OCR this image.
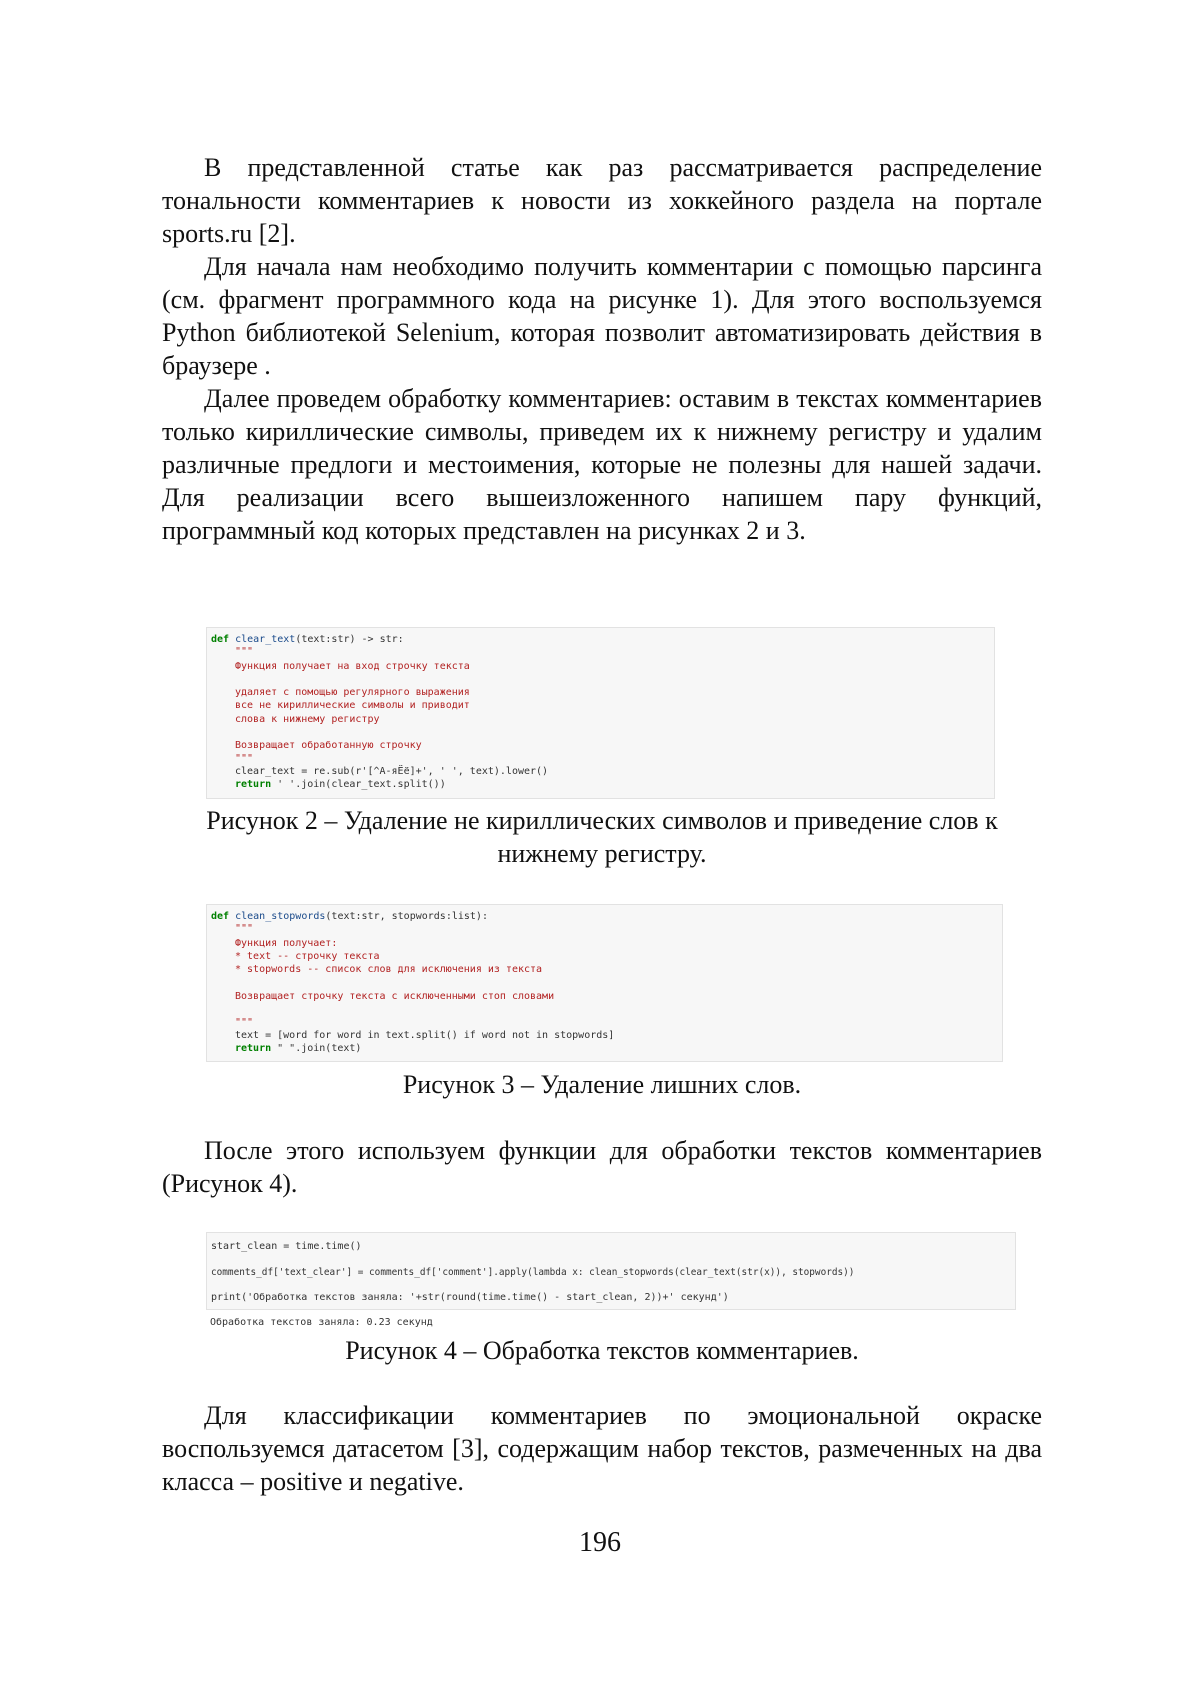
В представленной статье как раз рассматривается распределение тональности комментариев к новости из хоккейного раздела на портале sports.ru [2].

Для начала нам необходимо получить комментарии с помощью парсинга (см. фрагмент программного кода на рисунке 1). Для этого воспользуемся Python библиотекой Selenium, которая позволит автоматизировать действия в браузере .

Далее проведем обработку комментариев: оставим в текстах комментариев только кириллические символы, приведем их к нижнему регистру и удалим различные предлоги и местоимения, которые не полезны для нашей задачи. Для реализации всего вышеизложенного напишем пару функций, программный код которых представлен на рисунках 2 и 3.

def clear_text(text:str) -> str:
"""
Функция получает на вход строчку текста
удаляет с помощью регулярного выражения
все не кириллические символы и приводит
слова к нижнему регистру
Возвращает обработанную строчку
"""
clear_text = re.sub(r'[^А-яЁё]+', ' ', text).lower()
return ' '.join(clear_text.split())

Рисунок 2 – Удаление не кириллических символов и приведение слов к нижнему регистру.

def clean_stopwords(text:str, stopwords:list):
"""
Функция получает:
* text -- строчку текста
* stopwords -- список слов для исключения из текста
Возвращает строчку текста с исключенными стоп словами
"""
text = [word for word in text.split() if word not in stopwords]
return " ".join(text)

Рисунок 3 – Удаление лишних слов.

После этого используем функции для обработки текстов комментариев (Рисунок 4).

start_clean = time.time()
comments_df['text_clear'] = comments_df['comment'].apply(lambda x: clean_stopwords(clear_text(str(x)), stopwords))
print('Обработка текстов заняла: '+str(round(time.time() - start_clean, 2))+' секунд')
Обработка текстов заняла: 0.23 секунд

Рисунок 4 – Обработка текстов комментариев.

Для классификации комментариев по эмоциональной окраске воспользуемся датасетом [3], содержащим набор текстов, размеченных на два класса – positive и negative.

196
